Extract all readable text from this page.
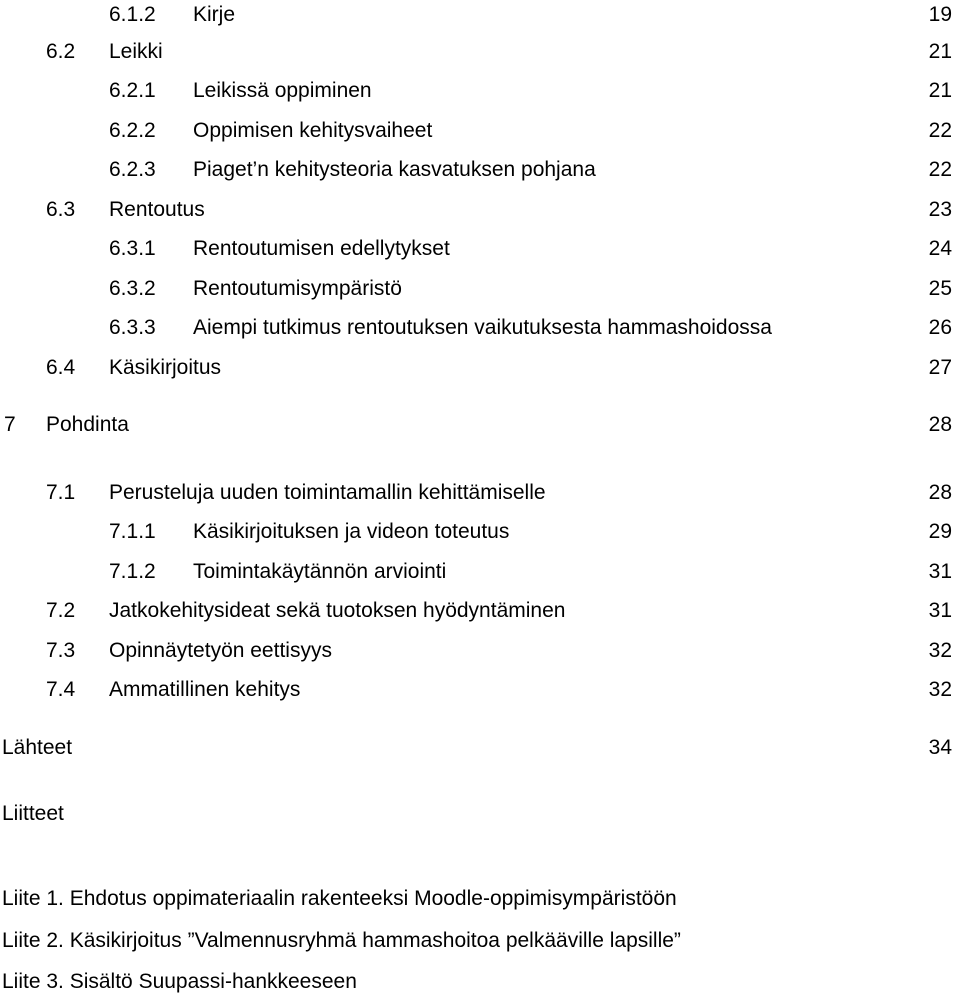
6.1.2 Kirje	19
6.2 Leikki	21
6.2.1 Leikissä oppiminen	21
6.2.2 Oppimisen kehitysvaiheet	22
6.2.3 Piaget’n kehitysteoria kasvatuksen pohjana	22
6.3 Rentoutus	23
6.3.1 Rentoutumisen edellytykset	24
6.3.2 Rentoutumisympäristö	25
6.3.3 Aiempi tutkimus rentoutuksen vaikutuksesta hammashoidossa	26
6.4 Käsikirjoitus	27
7 Pohdinta	28
7.1 Perusteluja uuden toimintamallin kehittämiselle	28
7.1.1 Käsikirjoituksen ja videon toteutus	29
7.1.2 Toimintakäytännön arviointi	31
7.2 Jatkokehitysideat sekä tuotoksen hyödyntäminen	31
7.3 Opinnäytetyön eettisyys	32
7.4 Ammatillinen kehitys	32
Lähteet	34
Liitteet
Liite 1. Ehdotus oppimateriaalin rakenteeksi Moodle-oppimisympäristöön
Liite 2. Käsikirjoitus ”Valmennusryhmä hammashoitoa pelkääville lapsille”
Liite 3. Sisältö Suupassi-hankkeeseen
